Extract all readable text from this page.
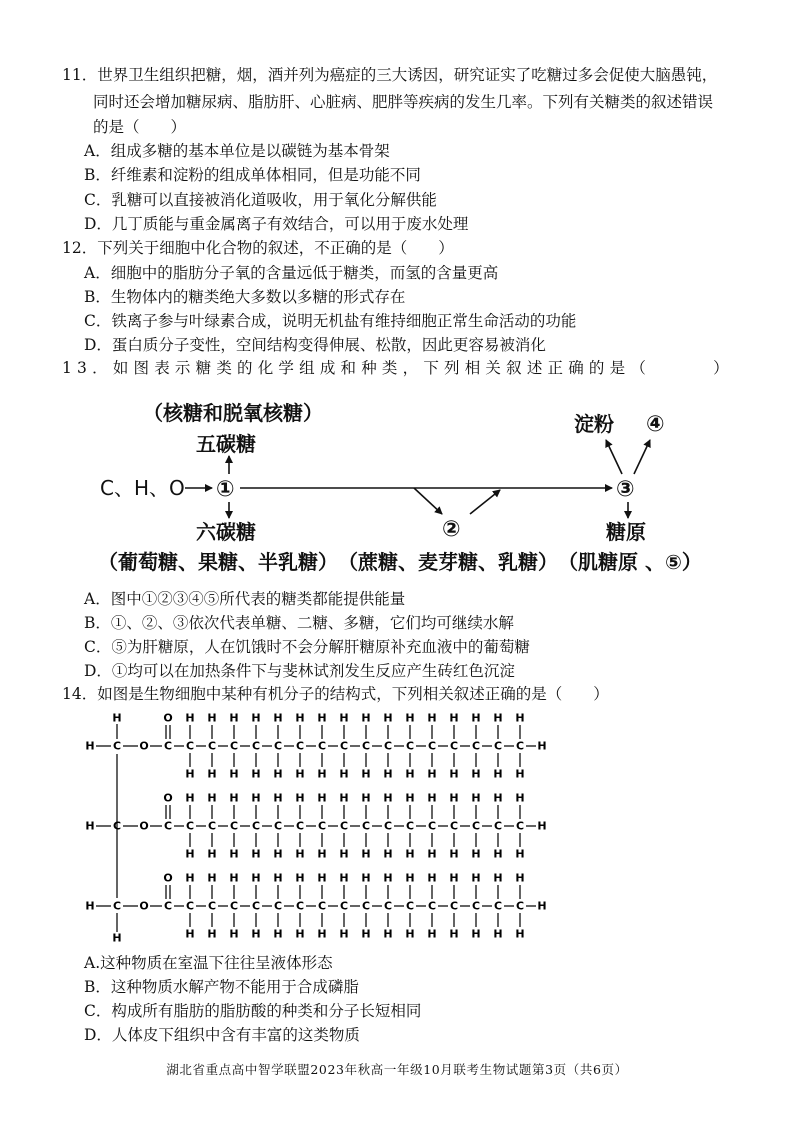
11．世界卫生组织把糖，烟，酒并列为癌症的三大诱因，研究证实了吃糖过多会促使大脑愚钝，
同时还会增加糖尿病、脂肪肝、心脏病、肥胖等疾病的发生几率。下列有关糖类的叙述错误
的是（　　）
A．组成多糖的基本单位是以碳链为基本骨架
B．纤维素和淀粉的组成单体相同，但是功能不同
C．乳糖可以直接被消化道吸收，用于氧化分解供能
D．几丁质能与重金属离子有效结合，可以用于废水处理
12．下列关于细胞中化合物的叙述，不正确的是（　　）
A．细胞中的脂肪分子氧的含量远低于糖类，而氢的含量更高
B．生物体内的糖类绝大多数以多糖的形式存在
C．铁离子参与叶绿素合成，说明无机盐有维持细胞正常生命活动的功能
D．蛋白质分子变性，空间结构变得伸展、松散，因此更容易被消化
13．如图表示糖类的化学组成和种类，下列相关叙述正确的是（　　　）
（核糖和脱氧核糖）
五碳糖
C、H、O ①
②
③
④
淀粉
六碳糖	糖原
（葡萄糖、果糖、半乳糖） （蔗糖、麦芽糖、乳糖） （肌糖原 、⑤）
A．图中①②③④⑤所代表的糖类都能提供能量
B．①、②、③依次代表单糖、二糖、多糖，它们均可继续水解
C．⑤为肝糖原，人在饥饿时不会分解肝糖原补充血液中的葡萄糖
D．①均可以在加热条件下与斐林试剂发生反应产生砖红色沉淀
14．如图是生物细胞中某种有机分子的结构式，下列相关叙述正确的是（　　）
H
H
H C O C
O
C
H
H
C
H
H
C
H
H
C
H
H
C
H
H
C
H
H
C
H
H
C
H
H
C
H
H
C
H
H
C
H
H
C
H
H
C
H
H
C
H
H
C
H
H
C
H
H
H
H C O C
O
C
H
H
C
H
H
C
H
H
C
H
H
C
H
H
C
H
H
C
H
H
C
H
H
C
H
H
C
H
H
C
H
H
C
H
H
C
H
H
C
H
H
C
H
H
C
H
H
H
H C O C
O
C
H
H
C
H
H
C
H
H
C
H
H
C
H
H
C
H
H
C
H
H
C
H
H
C
H
H
C
H
H
C
H
H
C
H
H
C
H
H
C
H
H
C
H
H
C
H
H
H
A.这种物质在室温下往往呈液体形态
B．这种物质水解产物不能用于合成磷脂
C．构成所有脂肪的脂肪酸的种类和分子长短相同
D．人体皮下组织中含有丰富的这类物质
湖北省重点高中智学联盟2023年秋高一年级10月联考生物试题第3页（共6页）
